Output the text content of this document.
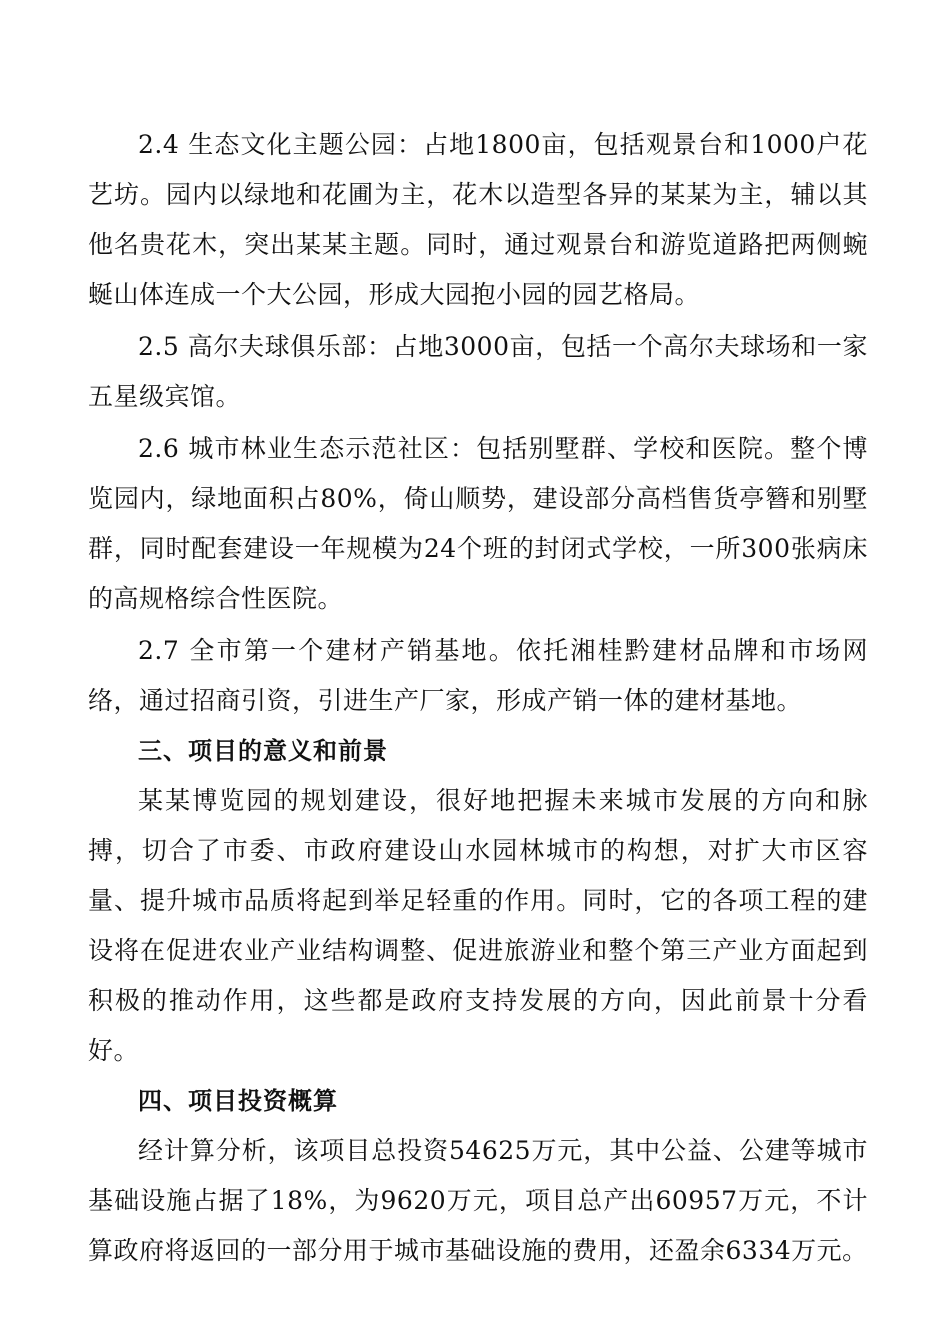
2.4 生态文化主题公园：占地1800亩，包括观景台和1000户花艺坊。园内以绿地和花圃为主，花木以造型各异的某某为主，辅以其他名贵花木，突出某某主题。同时，通过观景台和游览道路把两侧蜿蜒山体连成一个大公园，形成大园抱小园的园艺格局。

2.5 高尔夫球俱乐部：占地3000亩，包括一个高尔夫球场和一家五星级宾馆。

2.6 城市林业生态示范社区：包括别墅群、学校和医院。整个博览园内，绿地面积占80%，倚山顺势，建设部分高档售货亭簪和别墅群，同时配套建设一年规模为24个班的封闭式学校，一所300张病床的高规格综合性医院。

2.7 全市第一个建材产销基地。依托湘桂黔建材品牌和市场网络，通过招商引资，引进生产厂家，形成产销一体的建材基地。

三、项目的意义和前景

某某博览园的规划建设，很好地把握未来城市发展的方向和脉搏，切合了市委、市政府建设山水园林城市的构想，对扩大市区容量、提升城市品质将起到举足轻重的作用。同时，它的各项工程的建设将在促进农业产业结构调整、促进旅游业和整个第三产业方面起到积极的推动作用，这些都是政府支持发展的方向，因此前景十分看好。

四、项目投资概算

经计算分析，该项目总投资54625万元，其中公益、公建等城市基础设施占据了18%，为9620万元，项目总产出60957万元，不计算政府将返回的一部分用于城市基础设施的费用，还盈余6334万元。
